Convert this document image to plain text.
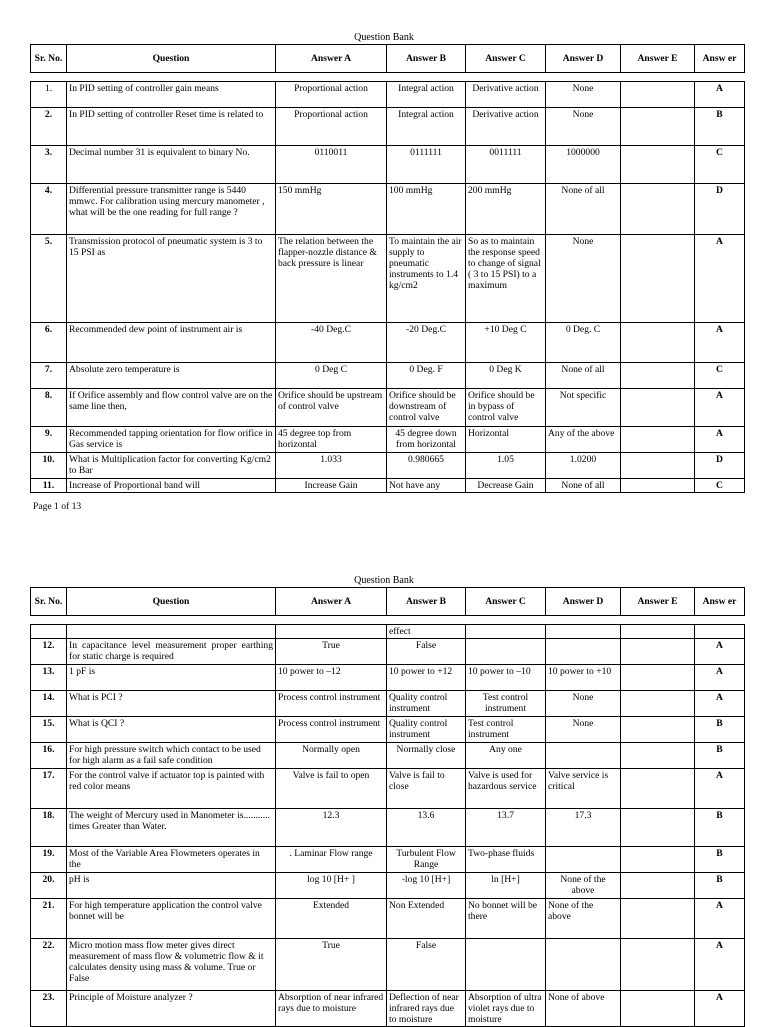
Question Bank
Sr. No.	Question	Answer A	Answer B	Answer C	Answer D	Answer E	Answ er

1.	In PID setting of controller gain means	Proportional action	Integral action	Derivative action	None		A
2.	In PID setting of controller Reset time is related to	Proportional action	Integral action	Derivative action	None		B
3.	Decimal number 31 is equivalent to binary No.	0110011	0111111	0011111	1000000		C
4.	Differential pressure transmitter range is 5440 mmwc. For calibration using mercury manometer , what will be the one reading for full range ?	150 mmHg	100 mmHg	200 mmHg	None of all		D
5.	Transmission protocol of pneumatic system is 3 to 15 PSI as	The relation between the flapper-nozzle distance & back pressure is linear	To maintain the air supply to pneumatic instruments to 1.4 kg/cm2	So as to maintain the response speed to change of signal ( 3 to 15 PSI) to a maximum	None		A
6.	Recommended dew point of instrument air is	-40 Deg.C	-20 Deg.C	+10 Deg C	0 Deg. C		A
7.	Absolute zero temperature is	0 Deg C	0 Deg. F	0 Deg K	None of all		C
8.	If Orifice assembly and flow control valve are on the same line then,	Orifice should be upstream of control valve	Orifice should be downstream of control valve	Orifice should be in bypass of control valve	Not specific		A
9.	Recommended tapping orientation for flow orifice in Gas service is	45 degree top from horizontal	45 degree down from horizontal	Horizontal	Any of the above		A
10.	What is Multiplication factor for converting Kg/cm2 to Bar	1.033	0.980665	1.05	1.0200		D
11.	Increase of Proportional band will	Increase Gain	Not have any	Decrease Gain	None of all		C
Page 1 of 13
Question Bank
Sr. No.	Question	Answer A	Answer B	Answer C	Answer D	Answer E	Answ er

			effect				
12.	In capacitance level measurement proper earthing for static charge is required	True	False				A
13.	1 pF is	10 power to –12	10 power to +12	10 power to –10	10 power to +10		A
14.	What is PCI ?	Process control instrument	Quality control instrument	Test control instrument	None		A
15.	What is QCI ?	Process control instrument	Quality control instrument	Test control instrument	None		B
16.	For high pressure switch which contact to be used for high alarm as a fail safe condition	Normally open	Normally close	Any one			B
17.	For the control valve if actuator top is painted with red color means	Valve is fail to open	Valve is fail to close	Valve is used for hazardous service	Valve service is critical		A
18.	The weight of Mercury used in Manometer is........... times Greater than Water.	12.3	13.6	13.7	17.3		B
19.	Most of the Variable Area Flowmeters operates in the	. Laminar Flow range	Turbulent Flow Range	Two-phase fluids			B
20.	pH is	log 10 [H+ ]	-log 10 [H+]	ln [H+]	None of the above		B
21.	For high temperature application the control valve bonnet will be	Extended	Non Extended	No bonnet will be there	None of the above		A
22.	Micro motion mass flow meter gives direct measurement of mass flow & volumetric flow & it calculates density using mass & volume. True or False	True	False				A
23.	Principle of Moisture analyzer ?	Absorption of near infrared rays due to moisture	Deflection of near infrared rays due to moisture	Absorption of ultra violet rays due to moisture	None of above		A
